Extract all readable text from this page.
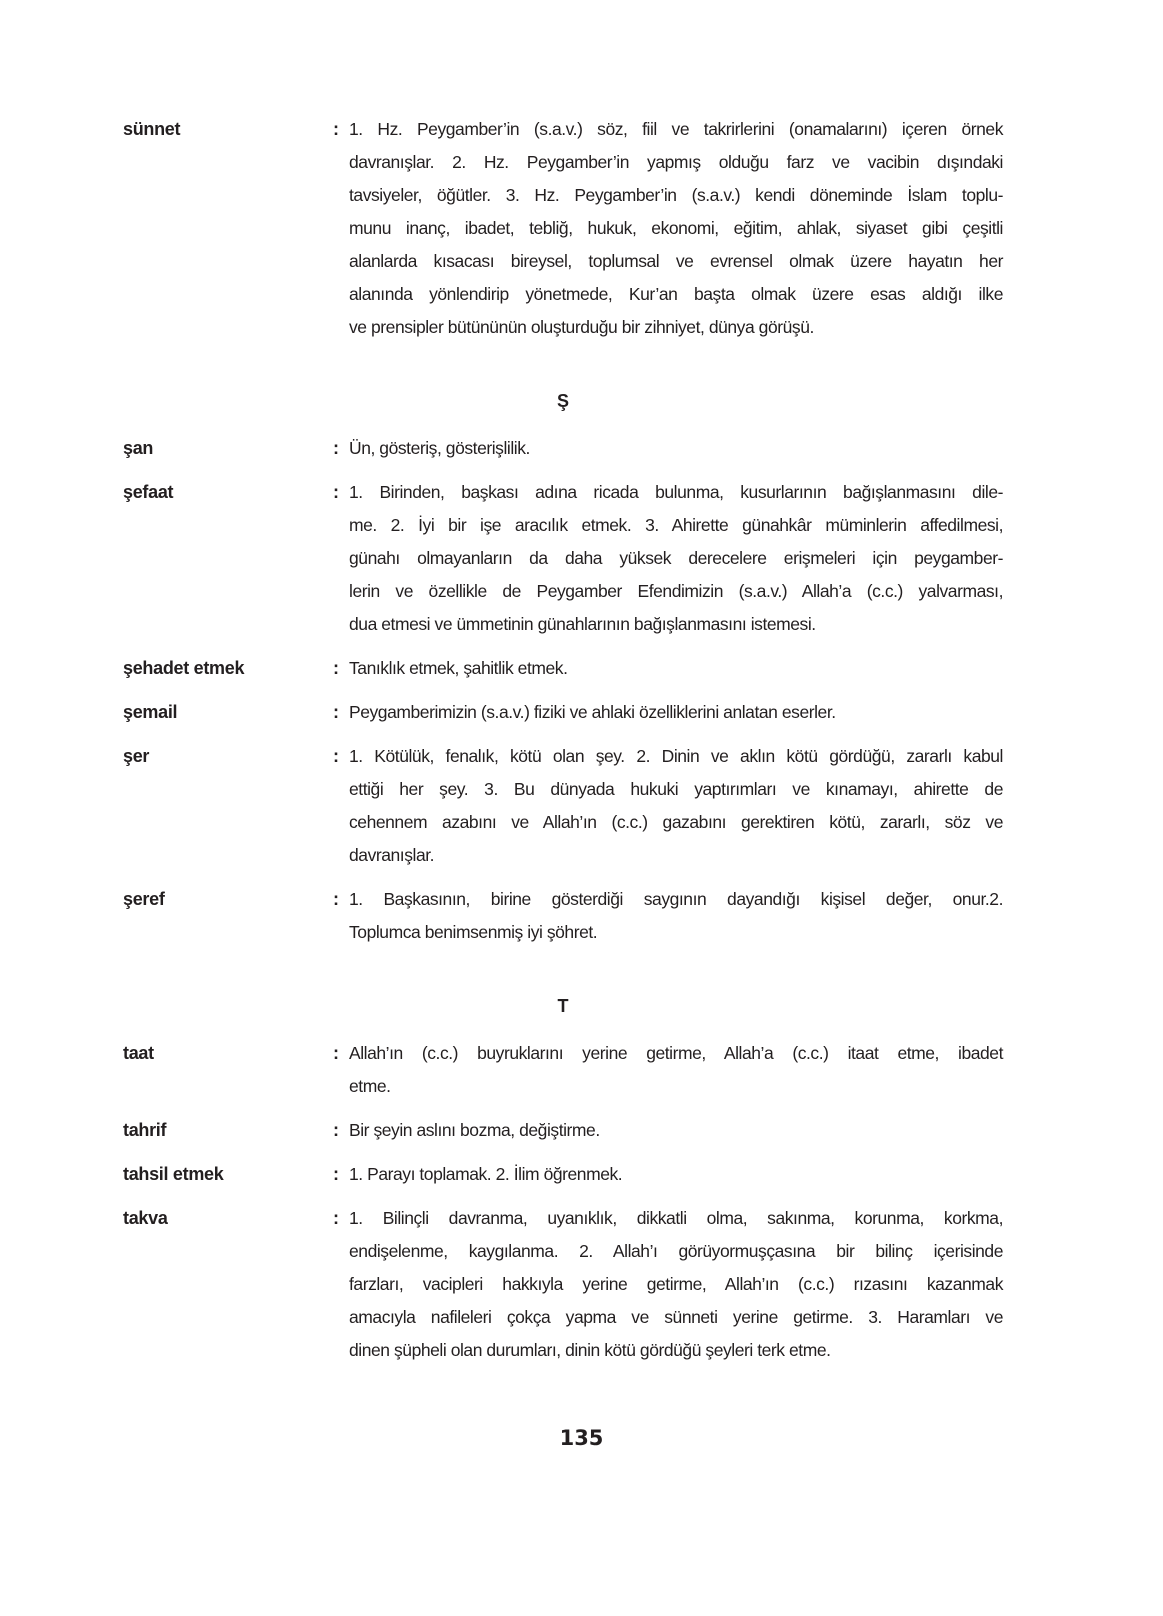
sünnet	: 1. Hz. Peygamber’in (s.a.v.) söz, fiil ve takrirlerini (onamalarını) içeren örnek
davranışlar. 2. Hz. Peygamber’in yapmış olduğu farz ve vacibin dışındaki
tavsiyeler, öğütler. 3. Hz. Peygamber’in (s.a.v.) kendi döneminde İslam toplu-
munu inanç, ibadet, tebliğ, hukuk, ekonomi, eğitim, ahlak, siyaset gibi çeşitli
alanlarda kısacası bireysel, toplumsal ve evrensel olmak üzere hayatın her
alanında yönlendirip yönetmede, Kur’an başta olmak üzere esas aldığı ilke
ve prensipler bütününün oluşturduğu bir zihniyet, dünya görüşü.
Ş
şan	: Ün, gösteriş, gösterişlilik.
şefaat	: 1. Birinden, başkası adına ricada bulunma, kusurlarının bağışlanmasını dile-
me. 2. İyi bir işe aracılık etmek. 3. Ahirette günahkâr müminlerin affedilmesi,
günahı olmayanların da daha yüksek derecelere erişmeleri için peygamber-
lerin ve özellikle de Peygamber Efendimizin (s.a.v.) Allah’a (c.c.) yalvarması,
dua etmesi ve ümmetinin günahlarının bağışlanmasını istemesi.
şehadet etmek	: Tanıklık etmek, şahitlik etmek.
şemail	: Peygamberimizin (s.a.v.) fiziki ve ahlaki özelliklerini anlatan eserler.
şer	: 1. Kötülük, fenalık, kötü olan şey. 2. Dinin ve aklın kötü gördüğü, zararlı kabul
ettiği her şey. 3. Bu dünyada hukuki yaptırımları ve kınamayı, ahirette de
cehennem azabını ve Allah’ın (c.c.) gazabını gerektiren kötü, zararlı, söz ve
davranışlar.
şeref	: 1. Başkasının, birine gösterdiği saygının dayandığı kişisel değer, onur.2.
Toplumca benimsenmiş iyi şöhret.
T
taat	: Allah’ın (c.c.) buyruklarını yerine getirme, Allah’a (c.c.) itaat etme, ibadet
etme.
tahrif	: Bir şeyin aslını bozma, değiştirme.
tahsil etmek	: 1. Parayı toplamak. 2. İlim öğrenmek.
takva	: 1. Bilinçli davranma, uyanıklık, dikkatli olma, sakınma, korunma, korkma,
endişelenme, kaygılanma. 2. Allah’ı görüyormuşçasına bir bilinç içerisinde
farzları, vacipleri hakkıyla yerine getirme, Allah’ın (c.c.) rızasını kazanmak
amacıyla nafileleri çokça yapma ve sünneti yerine getirme. 3. Haramları ve
dinen şüpheli olan durumları, dinin kötü gördüğü şeyleri terk etme.
135
